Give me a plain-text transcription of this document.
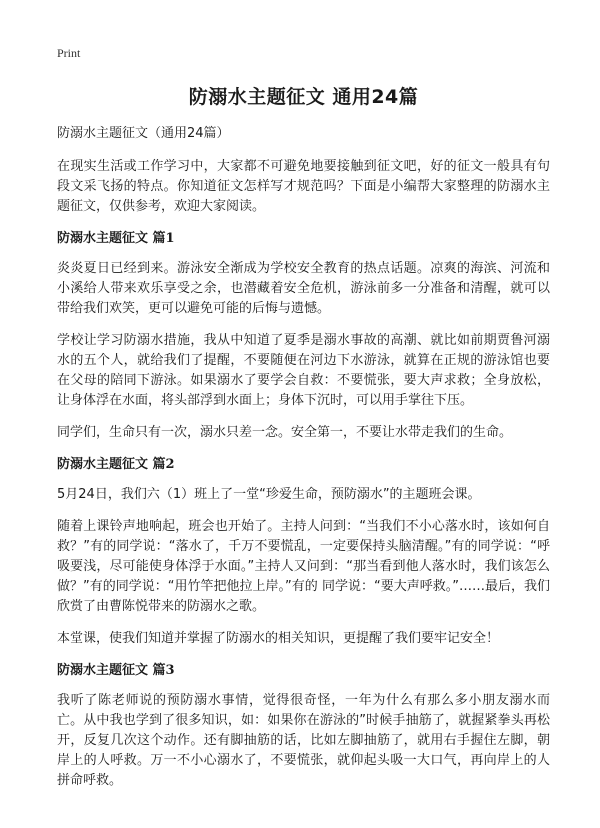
Print
防溺水主题征文 通用24篇
防溺水主题征文（通用24篇）

在现实生活或工作学习中，大家都不可避免地要接触到征文吧，好的征文一般具有句段文采飞扬的特点。你知道征文怎样写才规范吗？下面是小编帮大家整理的防溺水主题征文，仅供参考，欢迎大家阅读。

防溺水主题征文 篇1

炎炎夏日已经到来。游泳安全渐成为学校安全教育的热点话题。凉爽的海滨、河流和小溪给人带来欢乐享受之余，也潜藏着安全危机，游泳前多一分准备和清醒，就可以带给我们欢笑，更可以避免可能的后悔与遗憾。

学校让学习防溺水措施，我从中知道了夏季是溺水事故的高潮、就比如前期贾鲁河溺水的五个人，就给我们了提醒，不要随便在河边下水游泳，就算在正规的游泳馆也要在父母的陪同下游泳。如果溺水了要学会自救：不要慌张，要大声求救；全身放松，让身体浮在水面，将头部浮到水面上；身体下沉时，可以用手掌往下压。

同学们，生命只有一次，溺水只差一念。安全第一，不要让水带走我们的生命。

防溺水主题征文 篇2

5月24日，我们六（1）班上了一堂“珍爱生命，预防溺水”的主题班会课。

随着上课铃声地响起，班会也开始了。主持人问到：“当我们不小心落水时，该如何自救？”有的同学说：“落水了，千万不要慌乱，一定要保持头脑清醒。”有的同学说：“呼吸要浅，尽可能使身体浮于水面。”主持人又问到：“那当看到他人落水时，我们该怎么做？”有的同学说：“用竹竿把他拉上岸。”有的 同学说：“要大声呼救。”……最后，我们欣赏了由曹陈悦带来的防溺水之歌。

本堂课，使我们知道并掌握了防溺水的相关知识，更提醒了我们要牢记安全！

防溺水主题征文 篇3

我听了陈老师说的预防溺水事情，觉得很奇怪，一年为什么有那么多小朋友溺水而亡。从中我也学到了很多知识，如：如果你在游泳的”时候手抽筋了，就握紧拳头再松开，反复几次这个动作。还有脚抽筋的话，比如左脚抽筋了，就用右手握住左脚，朝岸上的人呼救。万一不小心溺水了，不要慌张，就仰起头吸一大口气，再向岸上的人拼命呼救。
